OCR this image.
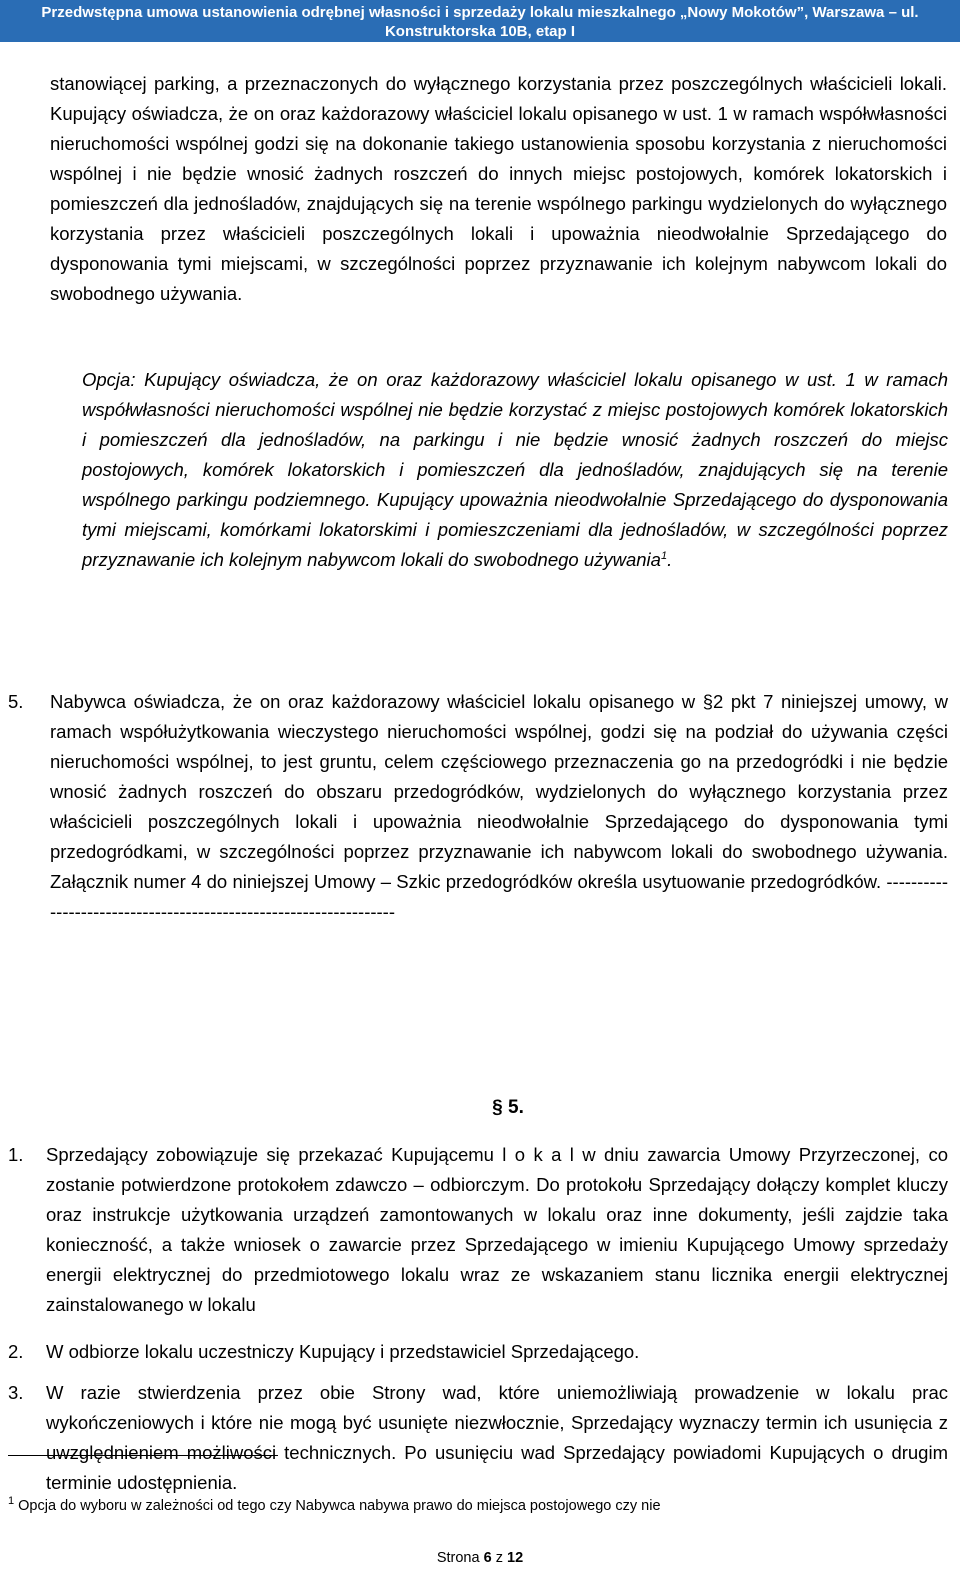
Przedwstępna umowa ustanowienia odrębnej własności i sprzedaży lokalu mieszkalnego „Nowy Mokotów”, Warszawa – ul.
Konstruktorska 10B, etap I
stanowiącej parking, a przeznaczonych do wyłącznego korzystania przez poszczególnych właścicieli lokali. Kupujący oświadcza, że on oraz każdorazowy właściciel lokalu opisanego w ust. 1 w ramach współwłasności nieruchomości wspólnej godzi się na dokonanie takiego ustanowienia sposobu korzystania z nieruchomości wspólnej i nie będzie wnosić żadnych roszczeń do innych miejsc postojowych, komórek lokatorskich i pomieszczeń dla jednośladów, znajdujących się na terenie wspólnego parkingu wydzielonych do wyłącznego korzystania przez właścicieli poszczególnych lokali i upoważnia nieodwołalnie Sprzedającego do dysponowania tymi miejscami, w szczególności poprzez przyznawanie ich kolejnym nabywcom lokali do swobodnego używania.
Opcja: Kupujący oświadcza, że on oraz każdorazowy właściciel lokalu opisanego w ust. 1 w ramach współwłasności nieruchomości wspólnej nie będzie korzystać z miejsc postojowych komórek lokatorskich i pomieszczeń dla jednośladów, na parkingu i nie będzie wnosić żadnych roszczeń do miejsc postojowych, komórek lokatorskich i pomieszczeń dla jednośladów, znajdujących się na terenie wspólnego parkingu podziemnego. Kupujący upoważnia nieodwołalnie Sprzedającego do dysponowania tymi miejscami, komórkami lokatorskimi i pomieszczeniami dla jednośladów, w szczególności poprzez przyznawanie ich kolejnym nabywcom lokali do swobodnego używania$^1$.
5. Nabywca oświadcza, że on oraz każdorazowy właściciel lokalu opisanego w §2 pkt 7 niniejszej umowy, w ramach współużytkowania wieczystego nieruchomości wspólnej, godzi się na podział do używania części nieruchomości wspólnej, to jest gruntu, celem częściowego przeznaczenia go na przedogródki i nie będzie wnosić żadnych roszczeń do obszaru przedogródków, wydzielonych do wyłącznego korzystania przez właścicieli poszczególnych lokali i upoważnia nieodwołalnie Sprzedającego do dysponowania tymi przedogródkami, w szczególności poprzez przyznawanie ich nabywcom lokali do swobodnego używania. Załącznik numer 4 do niniejszej Umowy – Szkic przedogródków określa usytuowanie przedogródków. ------------------------------------------------------------------
§ 5.
1. Sprzedający zobowiązuje się przekazać Kupującemu l o k a l w dniu zawarcia Umowy Przyrzeczonej, co zostanie potwierdzone protokołem zdawczo – odbiorczym. Do protokołu Sprzedający dołączy komplet kluczy oraz instrukcje użytkowania urządzeń zamontowanych w lokalu oraz inne dokumenty, jeśli zajdzie taka konieczność, a także wniosek o zawarcie przez Sprzedającego w imieniu Kupującego Umowy sprzedaży energii elektrycznej do przedmiotowego lokalu wraz ze wskazaniem stanu licznika energii elektrycznej zainstalowanego w lokalu
2. W odbiorze lokalu uczestniczy Kupujący i przedstawiciel Sprzedającego.
3. W razie stwierdzenia przez obie Strony wad, które uniemożliwiają prowadzenie w lokalu prac wykończeniowych i które nie mogą być usunięte niezwłocznie, Sprzedający wyznaczy termin ich usunięcia z uwzględnieniem możliwości technicznych. Po usunięciu wad Sprzedający powiadomi Kupujących o drugim terminie udostępnienia.
$^1$ Opcja do wyboru w zależności od tego czy Nabywca nabywa prawo do miejsca postojowego czy nie
Strona 6 z 12
